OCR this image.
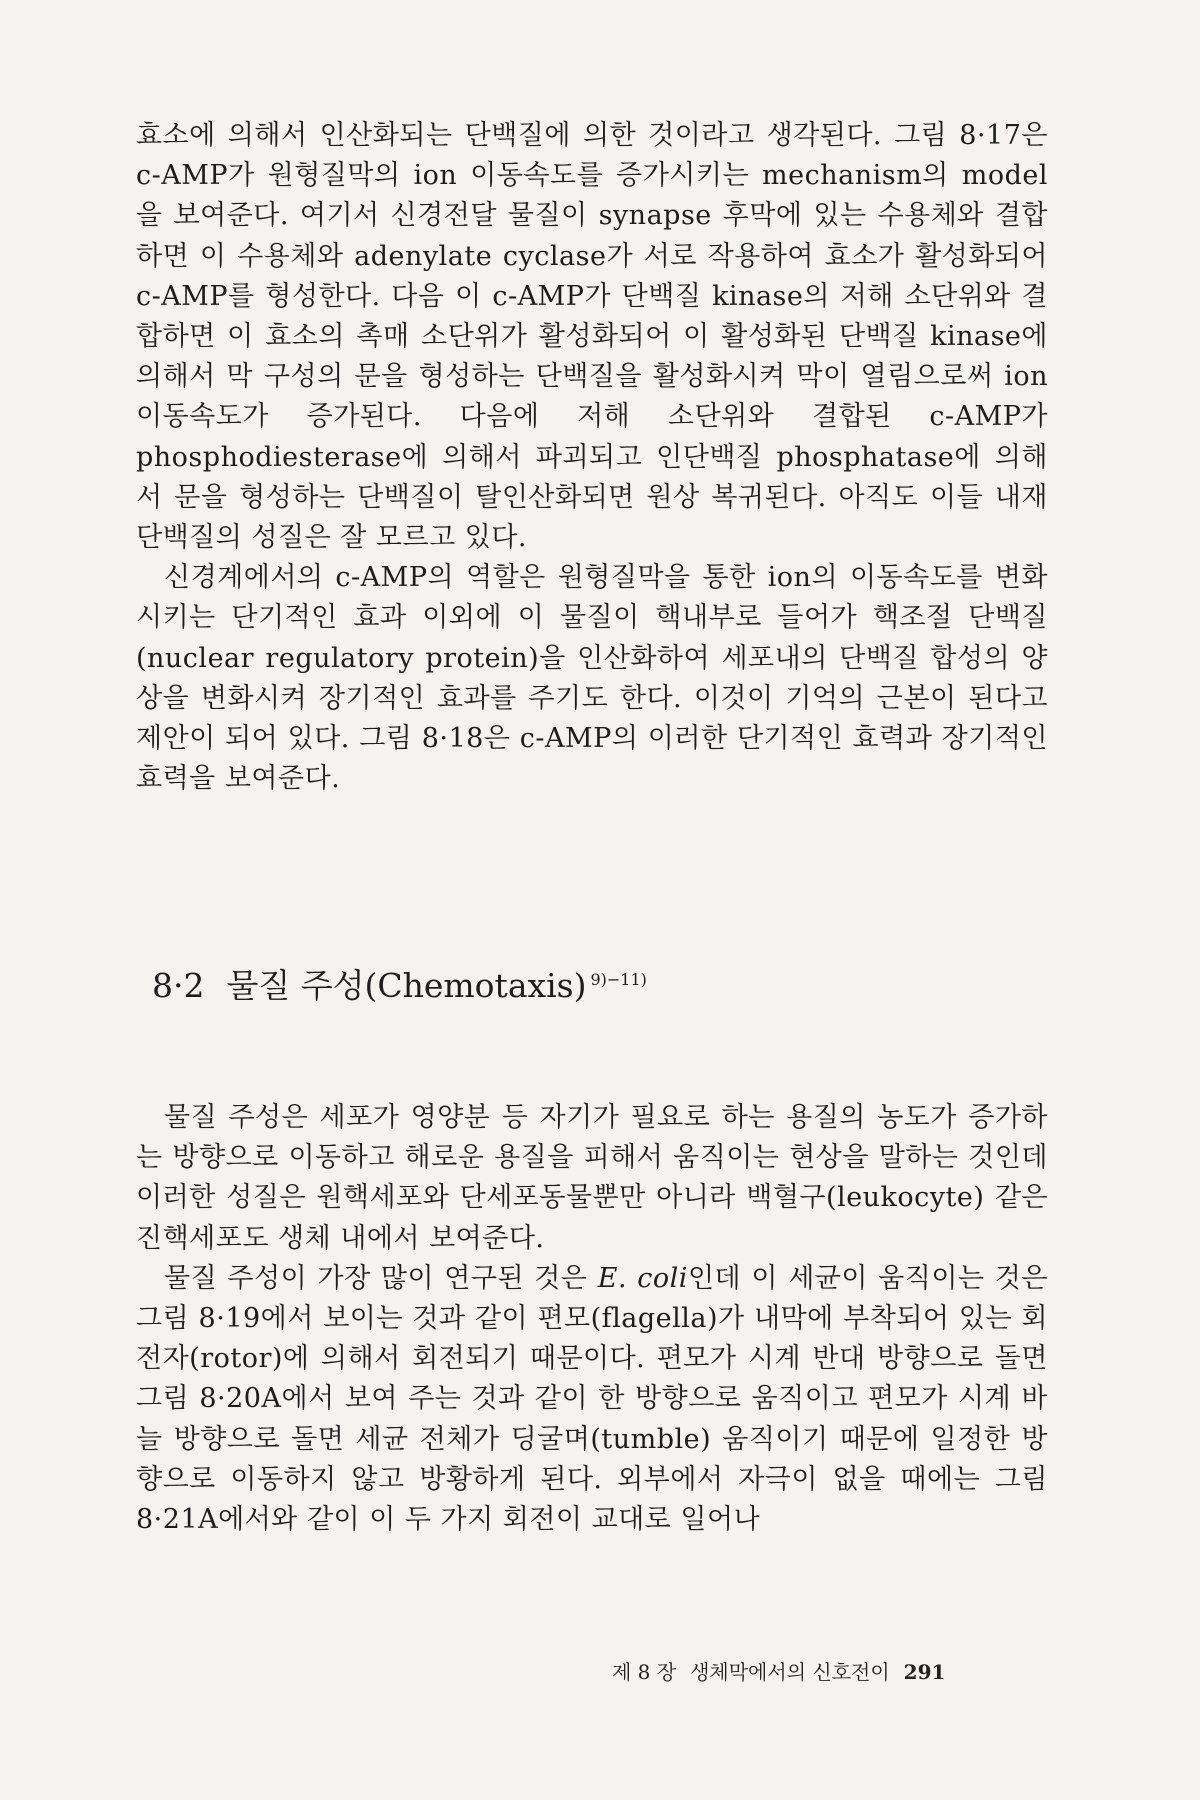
효소에 의해서 인산화되는 단백질에 의한 것이라고 생각된다. 그림 8·17은 c-AMP가 원형질막의 ion 이동속도를 증가시키는 mechanism의 model을 보여준다. 여기서 신경전달 물질이 synapse 후막에 있는 수용체와 결합하면 이 수용체와 adenylate cyclase가 서로 작용하여 효소가 활성화되어 c-AMP를 형성한다. 다음 이 c-AMP가 단백질 kinase의 저해 소단위와 결합하면 이 효소의 촉매 소단위가 활성화되어 이 활성화된 단백질 kinase에 의해서 막 구성의 문을 형성하는 단백질을 활성화시켜 막이 열림으로써 ion 이동속도가 증가된다. 다음에 저해 소단위와 결합된 c-AMP가 phosphodiesterase에 의해서 파괴되고 인단백질 phosphatase에 의해서 문을 형성하는 단백질이 탈인산화되면 원상 복귀된다. 아직도 이들 내재단백질의 성질은 잘 모르고 있다.

신경계에서의 c-AMP의 역할은 원형질막을 통한 ion의 이동속도를 변화시키는 단기적인 효과 이외에 이 물질이 핵내부로 들어가 핵조절 단백질(nuclear regulatory protein)을 인산화하여 세포내의 단백질 합성의 양상을 변화시켜 장기적인 효과를 주기도 한다. 이것이 기억의 근본이 된다고 제안이 되어 있다. 그림 8·18은 c-AMP의 이러한 단기적인 효력과 장기적인 효력을 보여준다.

8·2 물질 주성(Chemotaxis) $^{9)-11)}$

물질 주성은 세포가 영양분 등 자기가 필요로 하는 용질의 농도가 증가하는 방향으로 이동하고 해로운 용질을 피해서 움직이는 현상을 말하는 것인데 이러한 성질은 원핵세포와 단세포동물뿐만 아니라 백혈구(leukocyte) 같은 진핵세포도 생체 내에서 보여준다.

물질 주성이 가장 많이 연구된 것은 E. coli인데 이 세균이 움직이는 것은 그림 8·19에서 보이는 것과 같이 편모(flagella)가 내막에 부착되어 있는 회전자(rotor)에 의해서 회전되기 때문이다. 편모가 시계 반대 방향으로 돌면 그림 8·20A에서 보여 주는 것과 같이 한 방향으로 움직이고 편모가 시계 바늘 방향으로 돌면 세균 전체가 딩굴며(tumble) 움직이기 때문에 일정한 방향으로 이동하지 않고 방황하게 된다. 외부에서 자극이 없을 때에는 그림 8·21A에서와 같이 이 두 가지 회전이 교대로 일어나

제 8 장 생체막에서의 신호전이 291
